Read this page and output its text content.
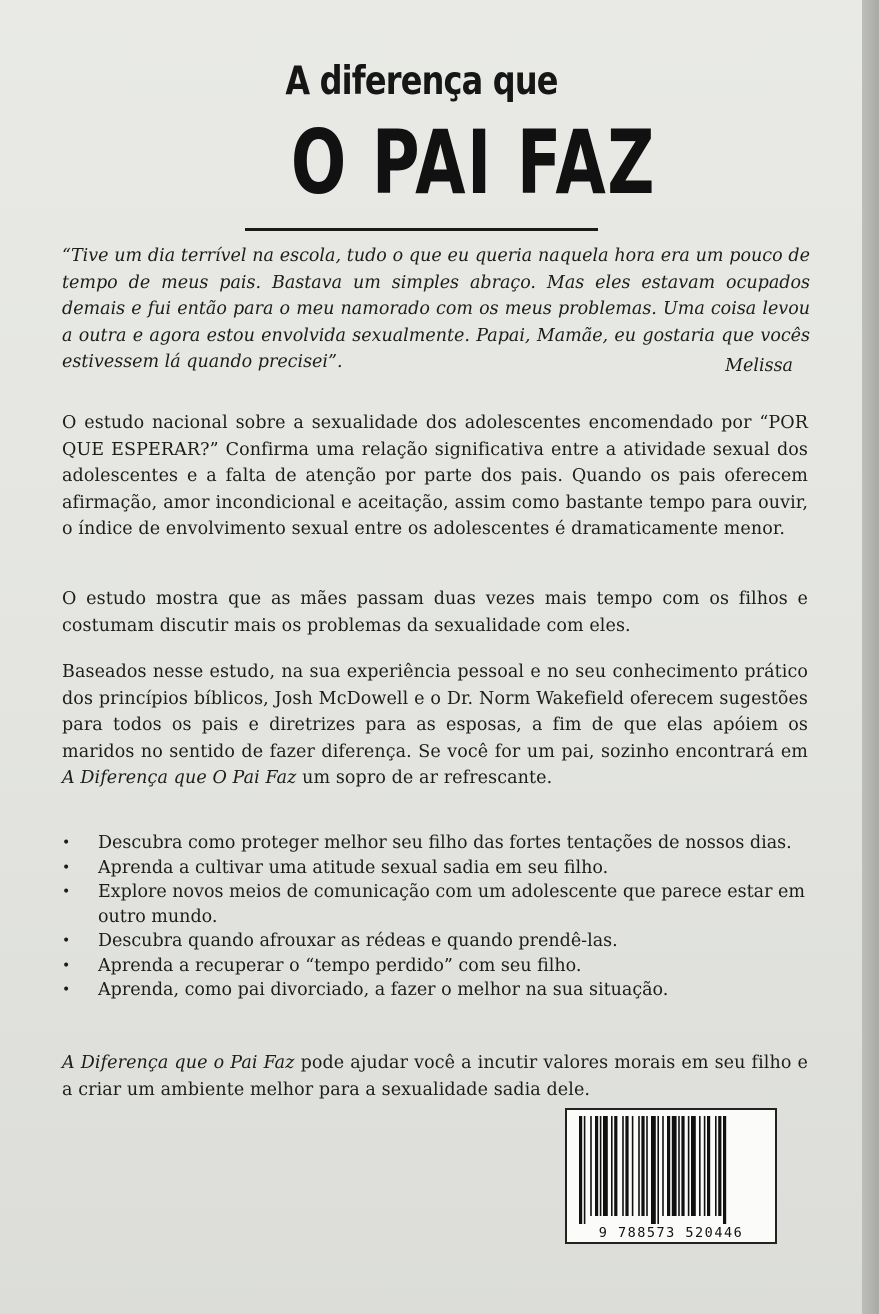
A diferença que
O PAI FAZ
“Tive um dia terrível na escola, tudo o que eu queria naquela hora era um pouco de tempo de meus pais. Bastava um simples abraço. Mas eles estavam ocupados demais e fui então para o meu namorado com os meus problemas. Uma coisa levou a outra e agora estou envolvida sexualmente. Papai, Mamãe, eu gostaria que vocês estivessem lá quando precisei”.	Melissa
O estudo nacional sobre a sexualidade dos adolescentes encomendado por “POR QUE ESPERAR?” Confirma uma relação significativa entre a atividade sexual dos adolescentes e a falta de atenção por parte dos pais. Quando os pais oferecem afirmação, amor incondicional e aceitação, assim como bastante tempo para ouvir, o índice de envolvimento sexual entre os adolescentes é dramaticamente menor.
O estudo mostra que as mães passam duas vezes mais tempo com os filhos e costumam discutir mais os problemas da sexualidade com eles.
Baseados nesse estudo, na sua experiência pessoal e no seu conhecimento prático dos princípios bíblicos, Josh McDowell e o Dr. Norm Wakefield oferecem sugestões para todos os pais e diretrizes para as esposas, a fim de que elas apóiem os maridos no sentido de fazer diferença. Se você for um pai, sozinho encontrará em A Diferença que O Pai Faz um sopro de ar refrescante.
• Descubra como proteger melhor seu filho das fortes tentações de nossos dias.
• Aprenda a cultivar uma atitude sexual sadia em seu filho.
• Explore novos meios de comunicação com um adolescente que parece estar em outro mundo.
• Descubra quando afrouxar as rédeas e quando prendê-las.
• Aprenda a recuperar o “tempo perdido” com seu filho.
• Aprenda, como pai divorciado, a fazer o melhor na sua situação.
A Diferença que o Pai Faz pode ajudar você a incutir valores morais em seu filho e a criar um ambiente melhor para a sexualidade sadia dele.
9 788573 520446
